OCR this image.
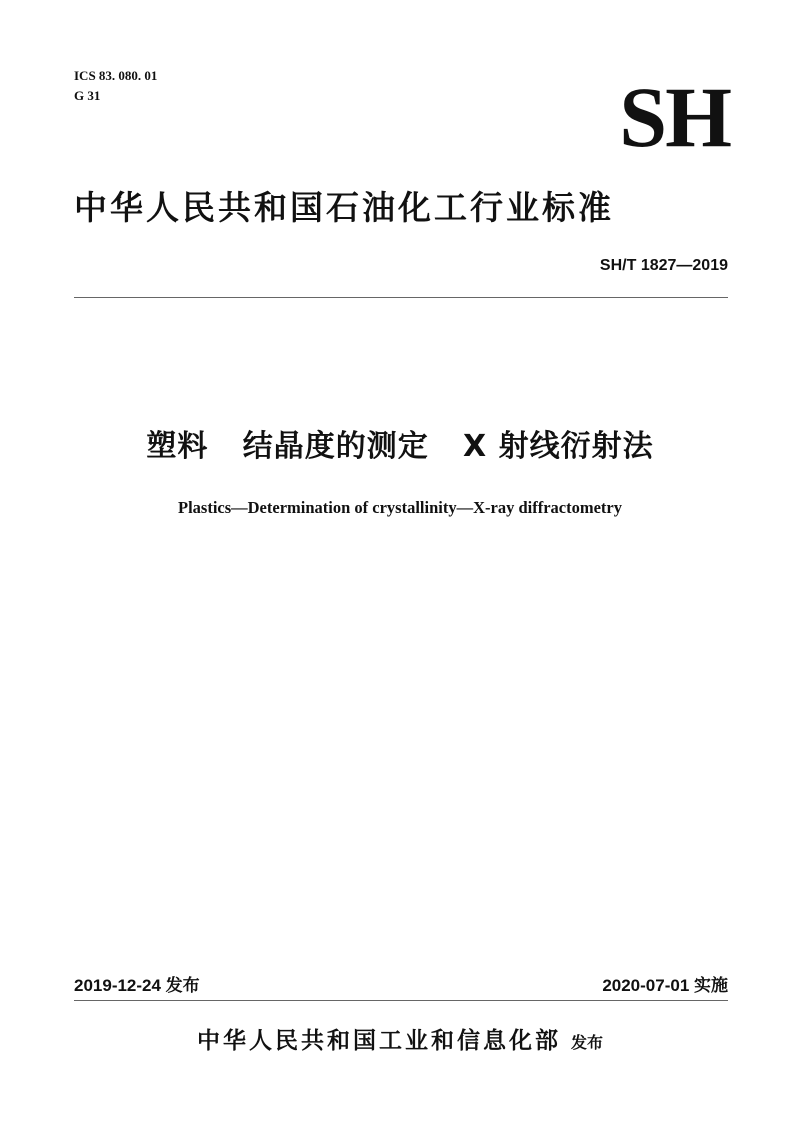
ICS 83. 080. 01
G 31	SH
中华人民共和国石油化工行业标准
SH/T 1827—2019
塑料   结晶度的测定   X 射线衍射法
Plastics—Determination of crystallinity—X-ray diffractometry
2019-12-24 发布	2020-07-01 实施
中华人民共和国工业和信息化部 发布
